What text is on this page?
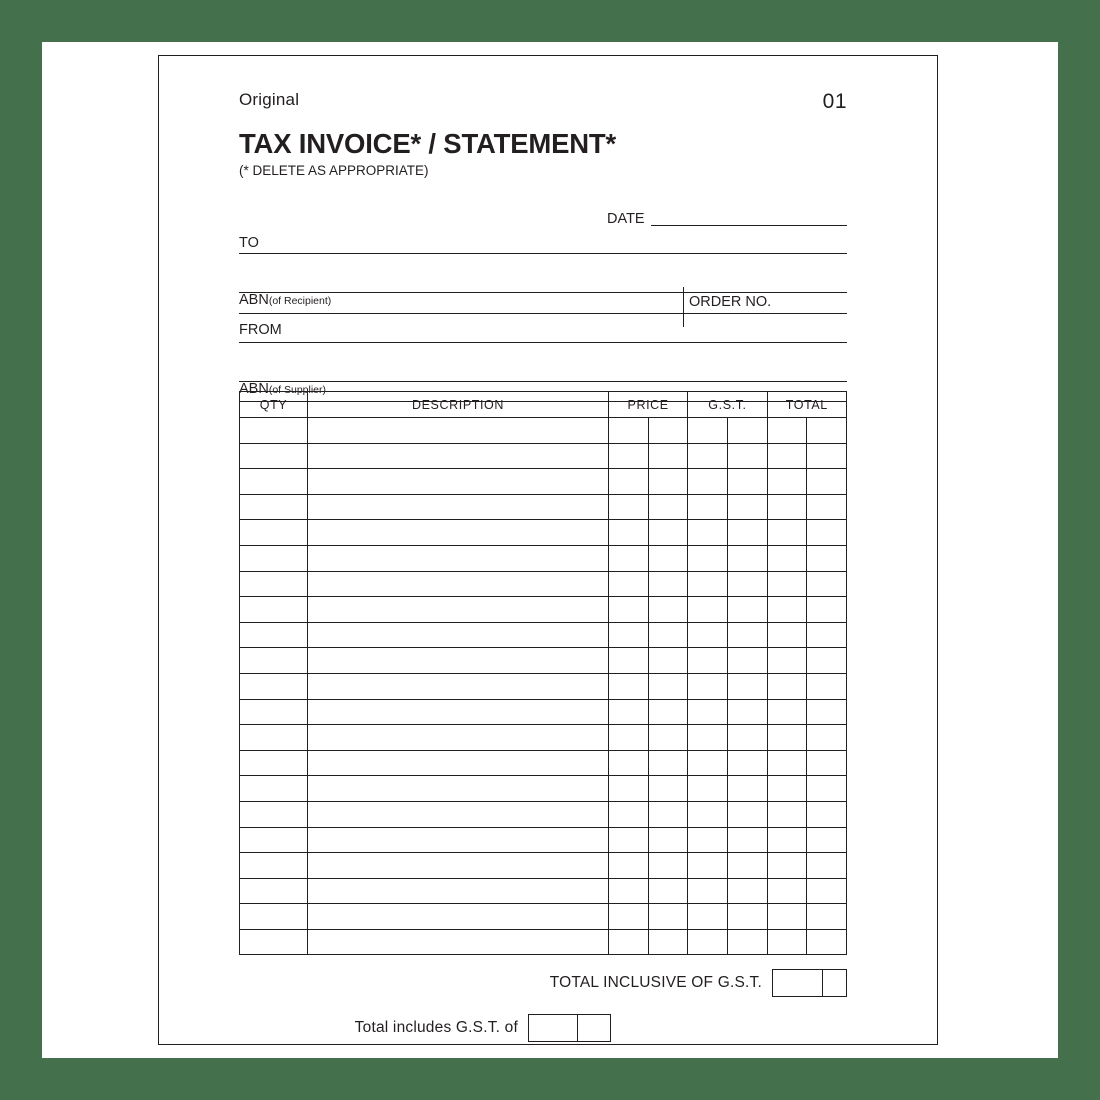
Original	01
TAX INVOICE* / STATEMENT*
(* DELETE AS APPROPRIATE)
DATE
TO
ABN(of Recipient)	ORDER NO.
FROM
ABN(of Supplier)
QTY	DESCRIPTION	PRICE		G.S.T.		TOTAL	

TOTAL INCLUSIVE OF G.S.T.
Total includes G.S.T. of
